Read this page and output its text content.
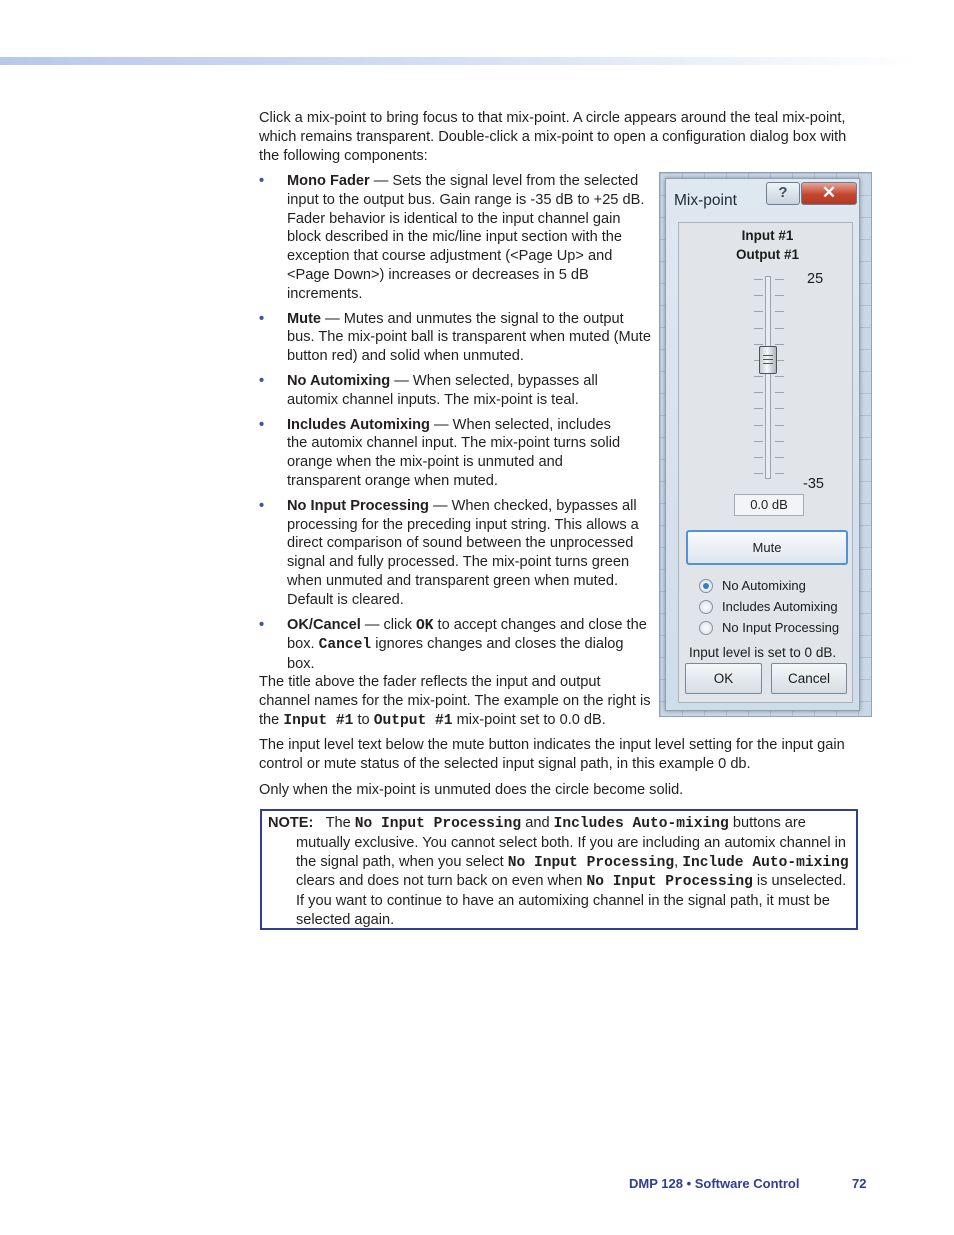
Click a mix-point to bring focus to that mix-point. A circle appears around the teal mix-point, which remains transparent. Double-click a mix-point to open a configuration dialog box with the following components:

• Mono Fader — Sets the signal level from the selected input to the output bus. Gain range is -35 dB to +25 dB. Fader behavior is identical to the input channel gain block described in the mic/line input section with the exception that course adjustment (<Page Up> and <Page Down>) increases or decreases in 5 dB increments.
• Mute — Mutes and unmutes the signal to the output bus. The mix-point ball is transparent when muted (Mute button red) and solid when unmuted.
• No Automixing — When selected, bypasses all automix channel inputs. The mix-point is teal.
• Includes Automixing — When selected, includes the automix channel input. The mix-point turns solid orange when the mix-point is unmuted and transparent orange when muted.
• No Input Processing — When checked, bypasses all processing for the preceding input string. This allows a direct comparison of sound between the unprocessed signal and fully processed. The mix-point turns green when unmuted and transparent green when muted. Default is cleared.
• OK/Cancel — click OK to accept changes and close the box. Cancel ignores changes and closes the dialog box.

The title above the fader reflects the input and output channel names for the mix-point. The example on the right is the Input #1 to Output #1 mix-point set to 0.0 dB.

The input level text below the mute button indicates the input level setting for the input gain control or mute status of the selected input signal path, in this example 0 db.

Only when the mix-point is unmuted does the circle become solid.

Mix-point	? ✕
Input #1
Output #1
25
-35
0.0 dB
Mute
No Automixing
Includes Automixing
No Input Processing
Input level is set to 0 dB.
OK	Cancel
NOTE: The No Input Processing and Includes Auto-mixing buttons are mutually exclusive. You cannot select both. If you are including an automix channel in the signal path, when you select No Input Processing, Include Auto-mixing clears and does not turn back on even when No Input Processing is unselected. If you want to continue to have an automixing channel in the signal path, it must be selected again.
DMP 128 • Software Control	72
